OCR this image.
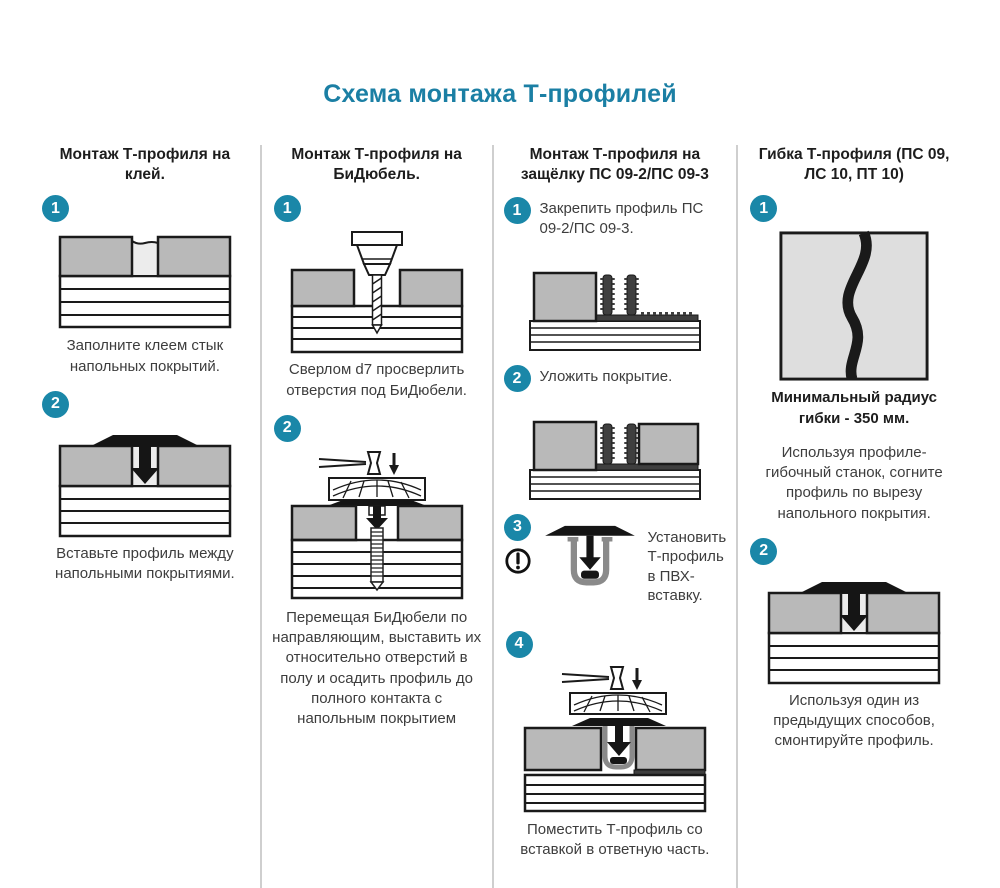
Схема монтажа Т-профилей
Монтаж Т-профиля на клей.
1

Заполните клеем стык напольных покрытий.

2

Вставьте профиль между напольными покрытиями.

Монтаж Т-профиля на БиДюбель.
1

Сверлом d7 просверлить отверстия под БиДюбели.

2

Перемещая БиДюбели по направляющим, выставить их относительно отверстий в полу и осадить профиль до полного контакта с напольным покрытием

Монтаж Т-профиля на защёлку ПС 09-2/ПС 09-3
1	Закрепить профиль ПС 09-2/ПС 09-3.

2	Уложить покрытие.

3

Установить Т-профиль в ПВХ-вставку.

4

Поместить Т-профиль со вставкой в ответную часть.

Гибка Т-профиля (ПС 09, ЛС 10, ПТ 10)
1

Минимальный радиус гибки - 350 мм.

Используя профиле-гибочный станок, согните профиль по вырезу напольного покрытия.

2

Используя один из предыдущих способов, смонтируйте профиль.
